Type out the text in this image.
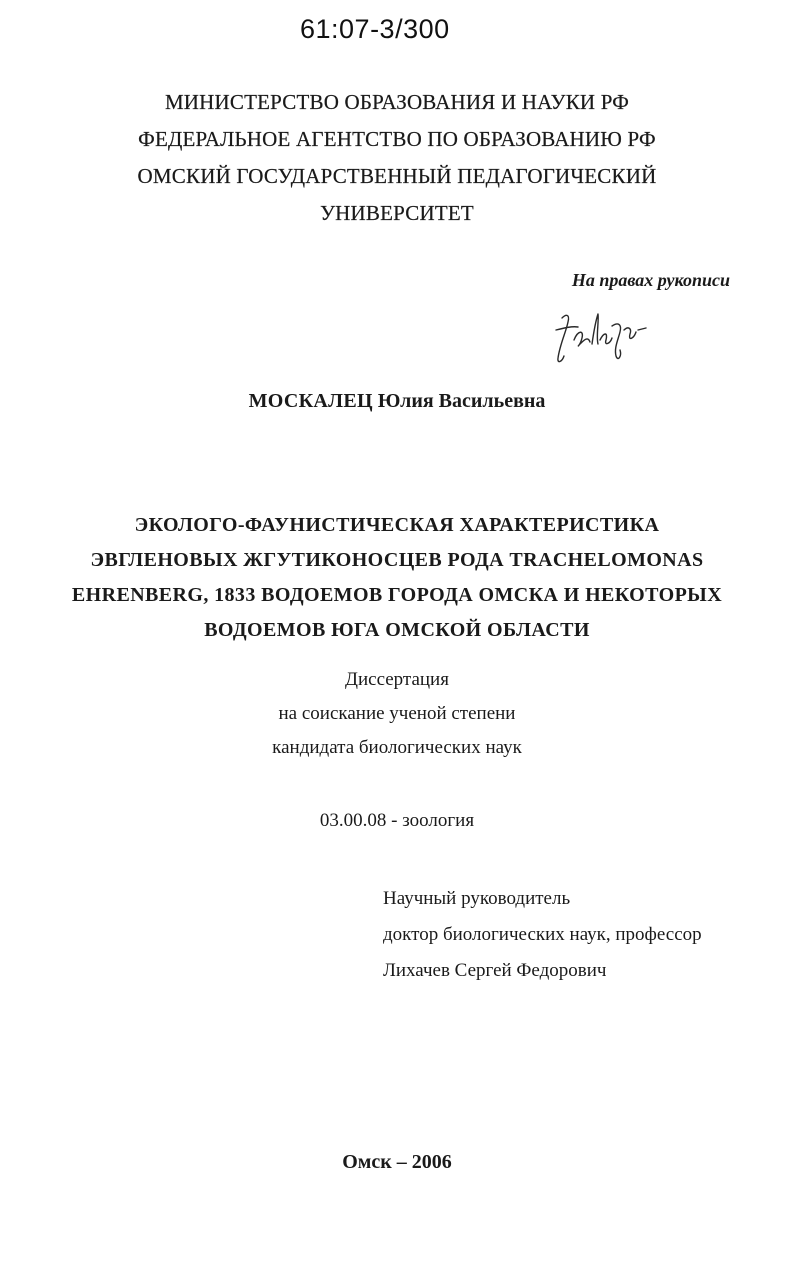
61:07-3/300
МИНИСТЕРСТВО ОБРАЗОВАНИЯ И НАУКИ РФ
ФЕДЕРАЛЬНОЕ АГЕНТСТВО ПО ОБРАЗОВАНИЮ РФ
ОМСКИЙ ГОСУДАРСТВЕННЫЙ ПЕДАГОГИЧЕСКИЙ
УНИВЕРСИТЕТ
На правах рукописи
МОСКАЛЕЦ Юлия Васильевна
ЭКОЛОГО-ФАУНИСТИЧЕСКАЯ ХАРАКТЕРИСТИКА
ЭВГЛЕНОВЫХ ЖГУТИКОНОСЦЕВ РОДА TRACHELOMONAS
EHRENBERG, 1833 ВОДОЕМОВ ГОРОДА ОМСКА И НЕКОТОРЫХ
ВОДОЕМОВ ЮГА ОМСКОЙ ОБЛАСТИ
Диссертация
на соискание ученой степени
кандидата биологических наук
03.00.08 - зоология
Научный руководитель
доктор биологических наук, профессор
Лихачев Сергей Федорович
Омск – 2006
